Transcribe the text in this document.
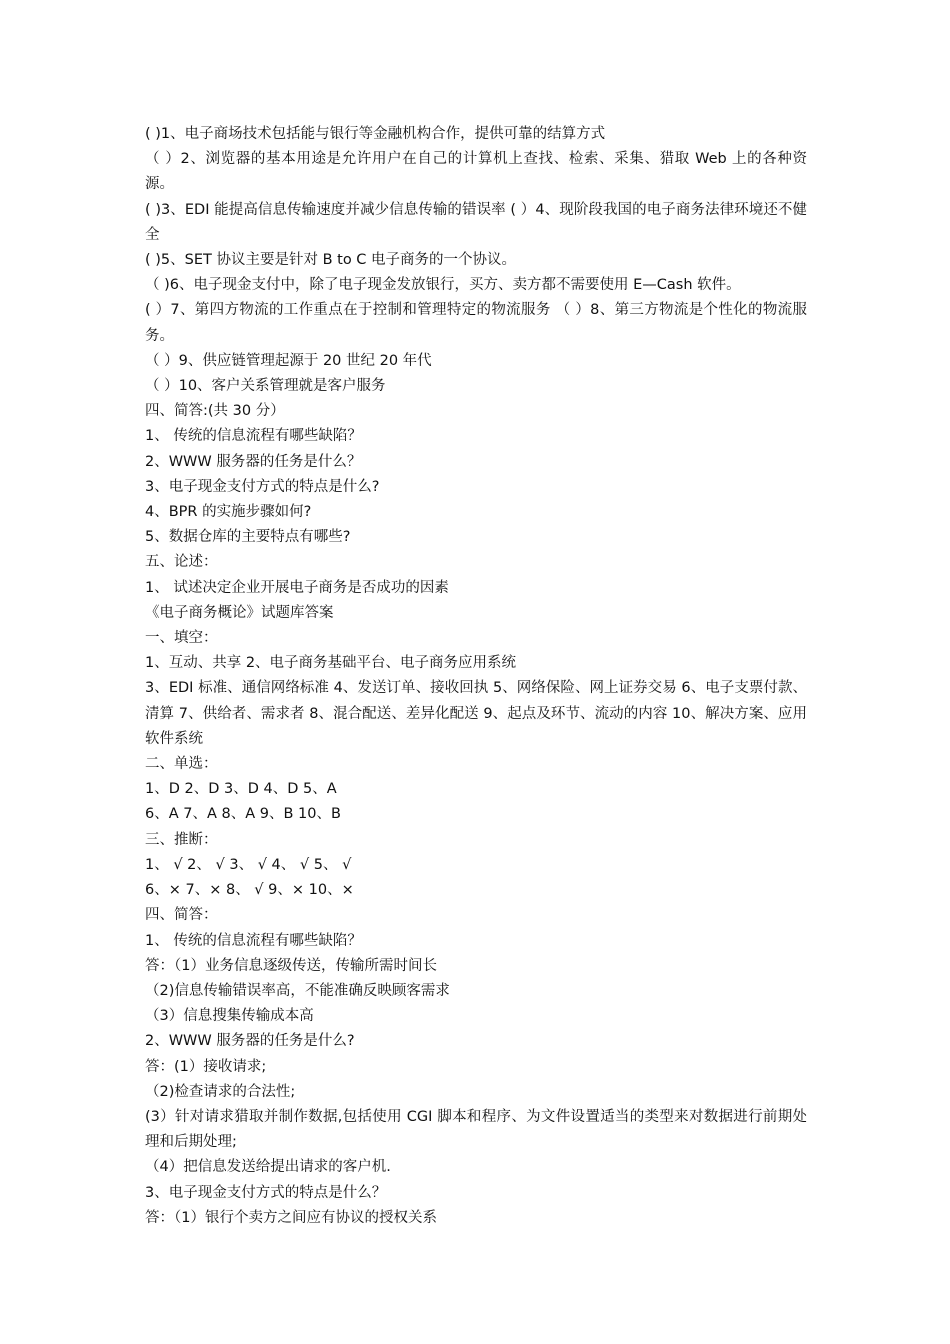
( )1、电子商场技术包括能与银行等金融机构合作，提供可靠的结算方式

（ ）2、浏览器的基本用途是允许用户在自己的计算机上查找、检索、采集、猎取 Web 上的各种资源。

( )3、EDI 能提高信息传输速度并减少信息传输的错误率 ( ）4、现阶段我国的电子商务法律环境还不健全

( )5、SET 协议主要是针对 B to C 电子商务的一个协议。

（ )6、电子现金支付中，除了电子现金发放银行，买方、卖方都不需要使用 E—Cash 软件。

( ）7、第四方物流的工作重点在于控制和管理特定的物流服务 （ ）8、第三方物流是个性化的物流服务。

（ ）9、供应链管理起源于 20 世纪 20 年代

（ ）10、客户关系管理就是客户服务

四、简答:(共 30 分）

1、 传统的信息流程有哪些缺陷？

2、WWW 服务器的任务是什么？

3、电子现金支付方式的特点是什么?

4、BPR 的实施步骤如何?

5、数据仓库的主要特点有哪些?

五、论述：

1、 试述决定企业开展电子商务是否成功的因素

《电子商务概论》试题库答案

一、填空：

1、互动、共享 2、电子商务基础平台、电子商务应用系统

3、EDI 标准、通信网络标准 4、发送订单、接收回执 5、网络保险、网上证券交易 6、电子支票付款、清算 7、供给者、需求者 8、混合配送、差异化配送 9、起点及环节、流动的内容 10、解决方案、应用软件系统

二、单选：

1、D 2、D 3、D 4、D 5、A

6、A 7、A 8、A 9、B 10、B

三、推断：

1、 √ 2、 √ 3、 √ 4、 √ 5、 √

6、× 7、× 8、 √ 9、× 10、×

四、简答：

1、 传统的信息流程有哪些缺陷？

答：（1）业务信息逐级传送，传输所需时间长

（2)信息传输错误率高，不能准确反映顾客需求

（3）信息搜集传输成本高

2、WWW 服务器的任务是什么?

答：(1）接收请求;

（2)检查请求的合法性;

(3）针对请求猎取并制作数据,包括使用 CGI 脚本和程序、为文件设置适当的类型来对数据进行前期处理和后期处理;

（4）把信息发送给提出请求的客户机.

3、电子现金支付方式的特点是什么？

答：（1）银行个卖方之间应有协议的授权关系
